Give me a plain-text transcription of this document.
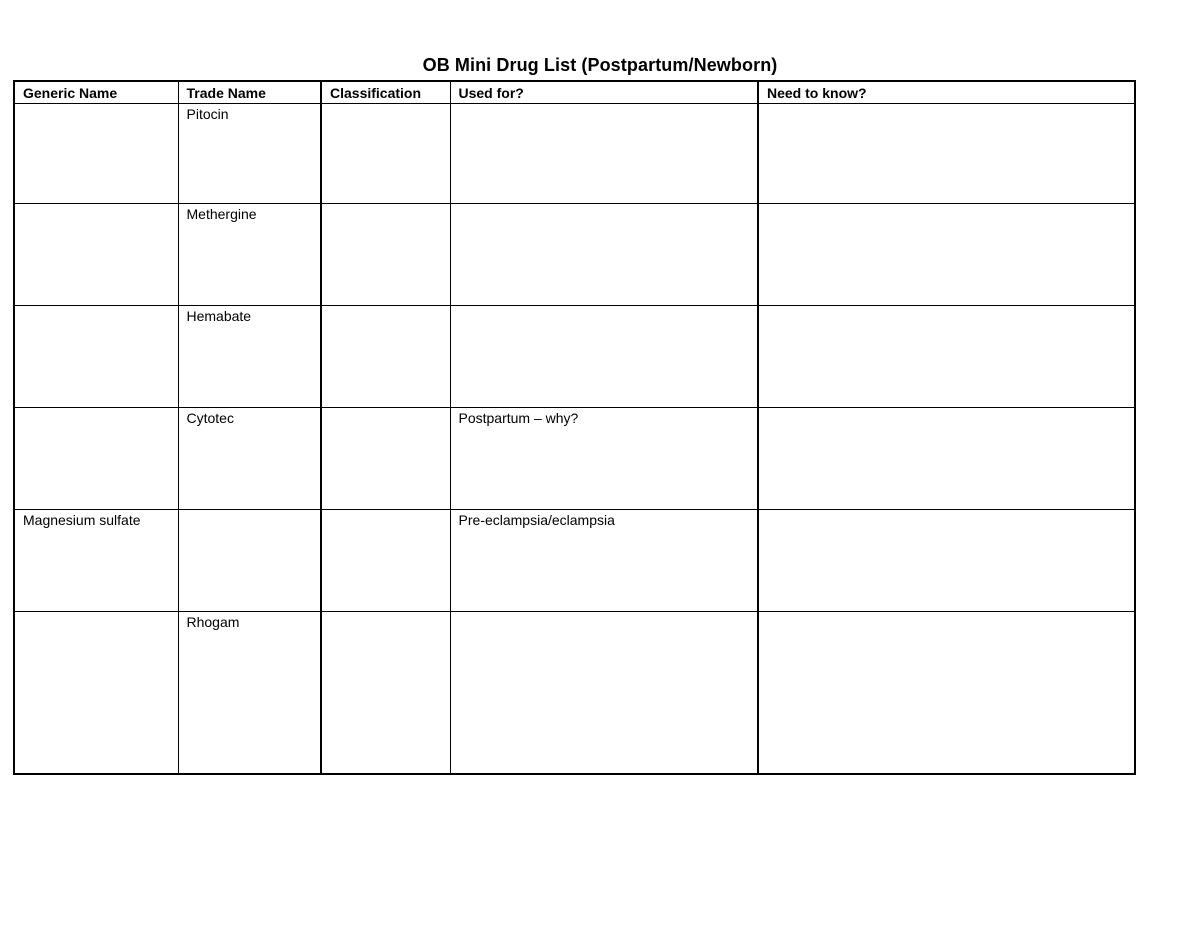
OB Mini Drug List (Postpartum/Newborn)
Generic Name	Trade Name	Classification	Used for?	Need to know?
	Pitocin			
	Methergine			
	Hemabate			
	Cytotec		Postpartum – why?	
Magnesium sulfate			Pre-eclampsia/eclampsia	
	Rhogam			
